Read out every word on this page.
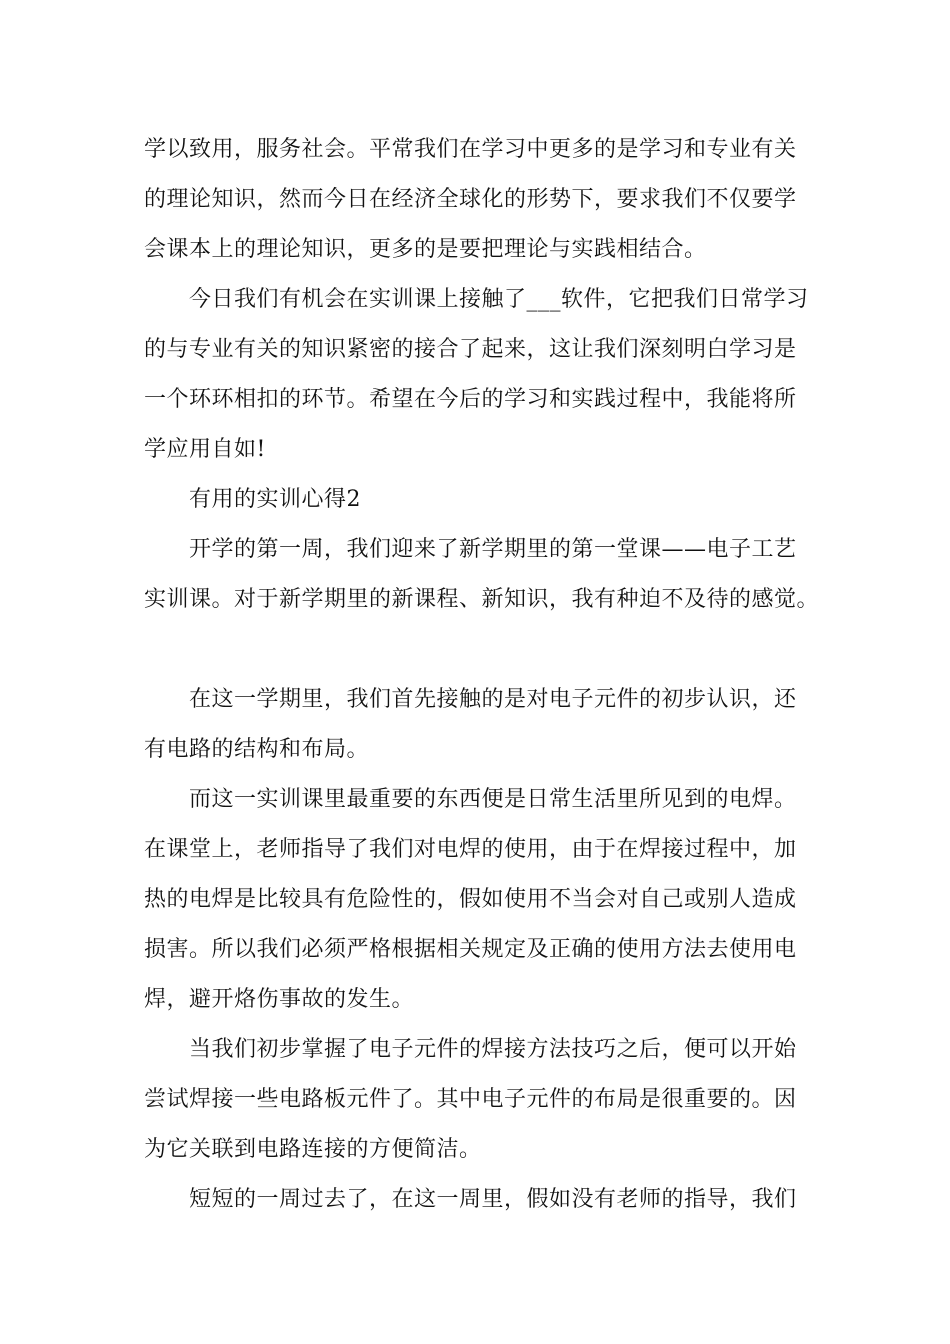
学以致用，服务社会。平常我们在学习中更多的是学习和专业有关
的理论知识，然而今日在经济全球化的形势下，要求我们不仅要学
会课本上的理论知识，更多的是要把理论与实践相结合。
　　今日我们有机会在实训课上接触了___软件，它把我们日常学习
的与专业有关的知识紧密的接合了起来，这让我们深刻明白学习是
一个环环相扣的环节。希望在今后的学习和实践过程中，我能将所
学应用自如!
　　有用的实训心得2
　　开学的第一周，我们迎来了新学期里的第一堂课——电子工艺
实训课。对于新学期里的新课程、新知识，我有种迫不及待的感觉。
　　在这一学期里，我们首先接触的是对电子元件的初步认识，还
有电路的结构和布局。
　　而这一实训课里最重要的东西便是日常生活里所见到的电焊。
在课堂上，老师指导了我们对电焊的使用，由于在焊接过程中，加
热的电焊是比较具有危险性的，假如使用不当会对自己或别人造成
损害。所以我们必须严格根据相关规定及正确的使用方法去使用电
焊，避开烙伤事故的发生。
　　当我们初步掌握了电子元件的焊接方法技巧之后，便可以开始
尝试焊接一些电路板元件了。其中电子元件的布局是很重要的。因
为它关联到电路连接的方便简洁。
　　短短的一周过去了，在这一周里，假如没有老师的指导，我们
